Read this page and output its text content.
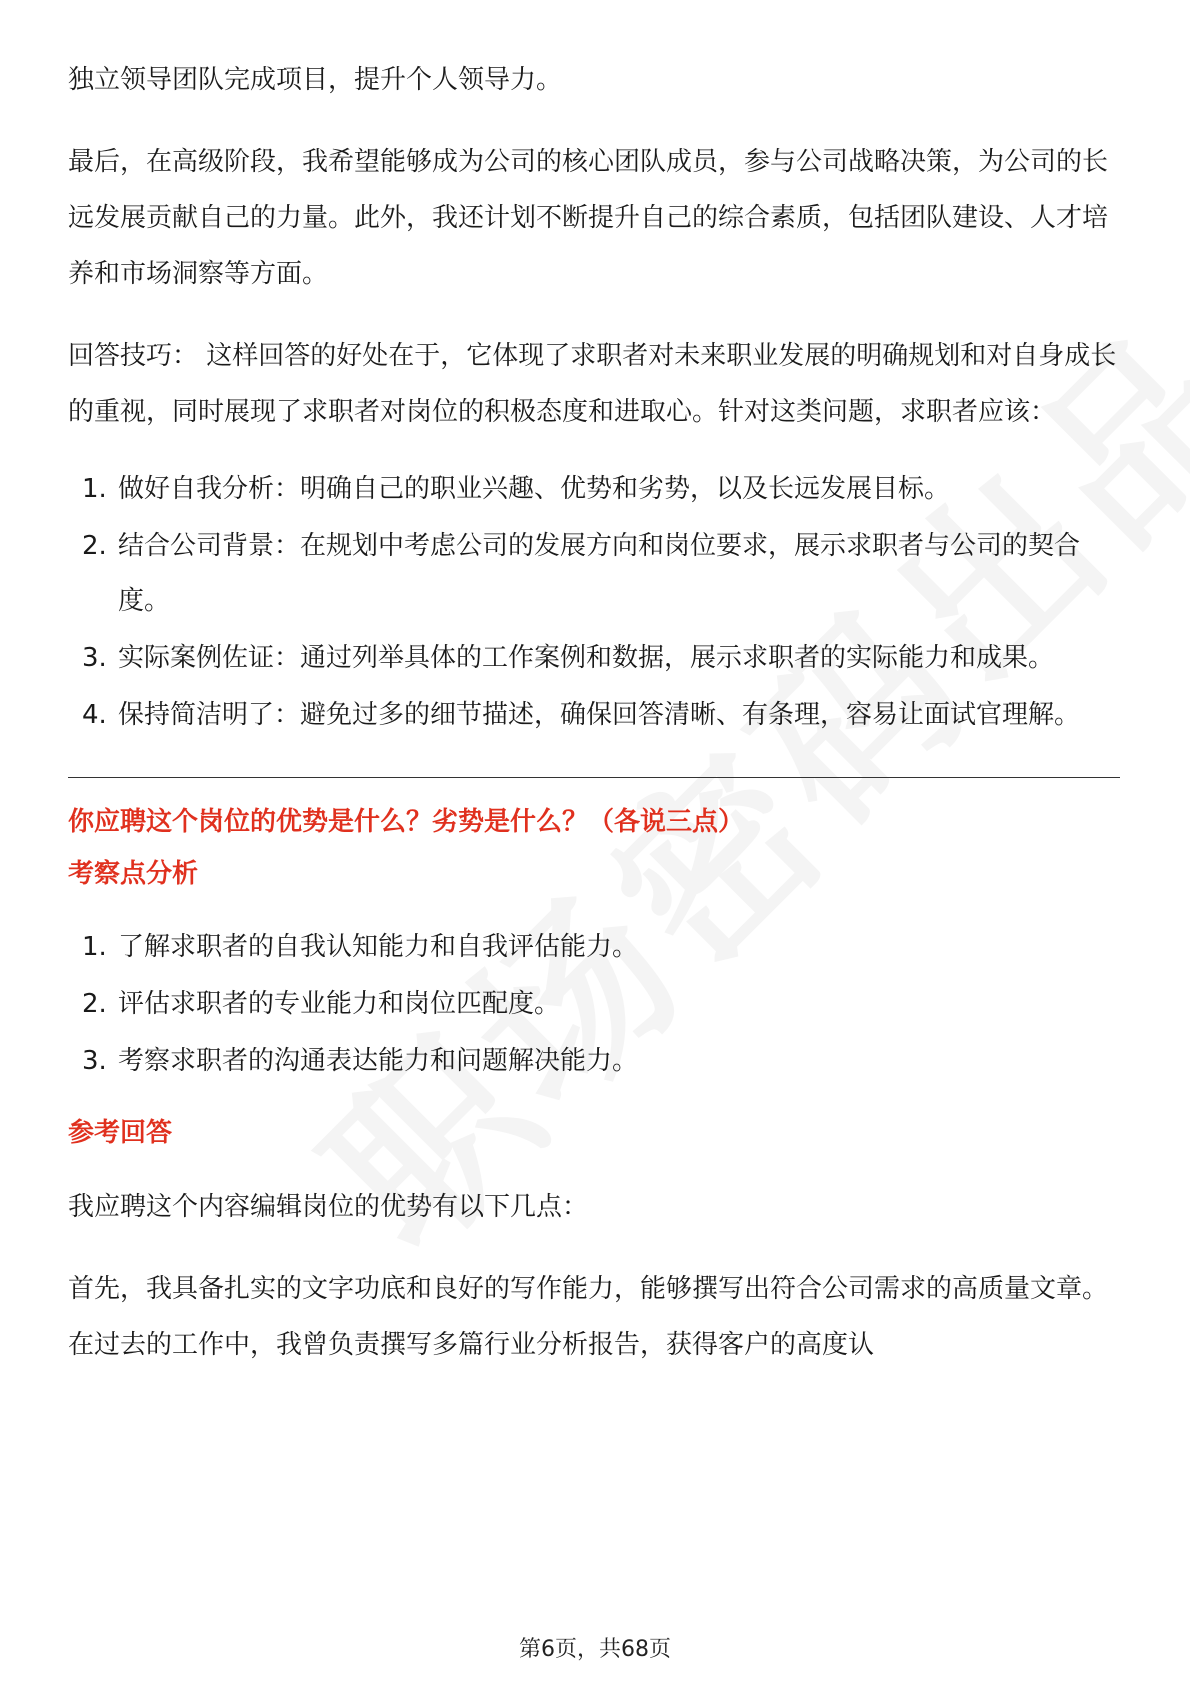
独立领导团队完成项目，提升个人领导力。

最后，在高级阶段，我希望能够成为公司的核心团队成员，参与公司战略决策，为公司的长远发展贡献自己的力量。此外，我还计划不断提升自己的综合素质，包括团队建设、人才培养和市场洞察等方面。

回答技巧： 这样回答的好处在于，它体现了求职者对未来职业发展的明确规划和对自身成长的重视，同时展现了求职者对岗位的积极态度和进取心。针对这类问题，求职者应该：

1. 做好自我分析：明确自己的职业兴趣、优势和劣势，以及长远发展目标。
2. 结合公司背景：在规划中考虑公司的发展方向和岗位要求，展示求职者与公司的契合度。
3. 实际案例佐证：通过列举具体的工作案例和数据，展示求职者的实际能力和成果。
4. 保持简洁明了：避免过多的细节描述，确保回答清晰、有条理，容易让面试官理解。
你应聘这个岗位的优势是什么？劣势是什么？（各说三点）
考察点分析
1. 了解求职者的自我认知能力和自我评估能力。
2. 评估求职者的专业能力和岗位匹配度。
3. 考察求职者的沟通表达能力和问题解决能力。
参考回答

我应聘这个内容编辑岗位的优势有以下几点：

首先，我具备扎实的文字功底和良好的写作能力，能够撰写出符合公司需求的高质量文章。在过去的工作中，我曾负责撰写多篇行业分析报告，获得客户的高度认

第6页，共68页
